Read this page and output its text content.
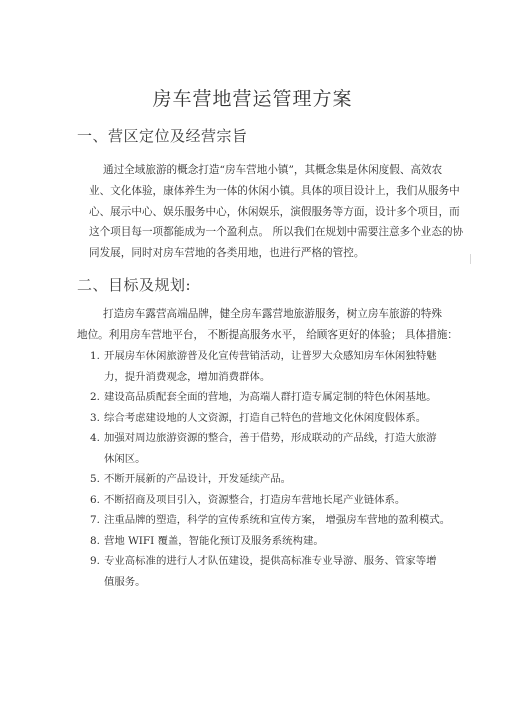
房车营地营运管理方案
一、营区定位及经营宗旨
通过全域旅游的概念打造“房车营地小镇”，其概念集是休闲度假、高效农
业、文化体验，康体养生为一体的休闲小镇。具体的项目设计上，我们从服务中
心、展示中心、娱乐服务中心，休闲娱乐，演假服务等方面，设计多个项目，而
这个项目每一项都能成为一个盈利点。 所以我们在规划中需要注意多个业态的协
同发展，同时对房车营地的各类用地，也进行严格的管控。
二、目标及规划:
打造房车露营高端品牌，健全房车露营地旅游服务，树立房车旅游的特殊
地位。利用房车营地平台， 不断提高服务水平， 给顾客更好的体验； 具体措施：
1. 开展房车休闲旅游普及化宣传营销活动，让普罗大众感知房车休闲独特魅
力，提升消费观念，增加消费群体。
2. 建设高品质配套全面的营地，为高端人群打造专属定制的特色休闲基地。
3. 综合考虑建设地的人文资源，打造自己特色的营地文化休闲度假体系。
4. 加强对周边旅游资源的整合，善于借势，形成联动的产品线，打造大旅游
休闲区。
5. 不断开展新的产品设计，开发延续产品。
6. 不断招商及项目引入，资源整合，打造房车营地长尾产业链体系。
7. 注重品牌的塑造，科学的宣传系统和宣传方案， 增强房车营地的盈利模式。
8. 营地 WIFI 覆盖，智能化预订及服务系统构建。
9. 专业高标准的进行人才队伍建设，提供高标准专业导游、服务、管家等增
值服务。
